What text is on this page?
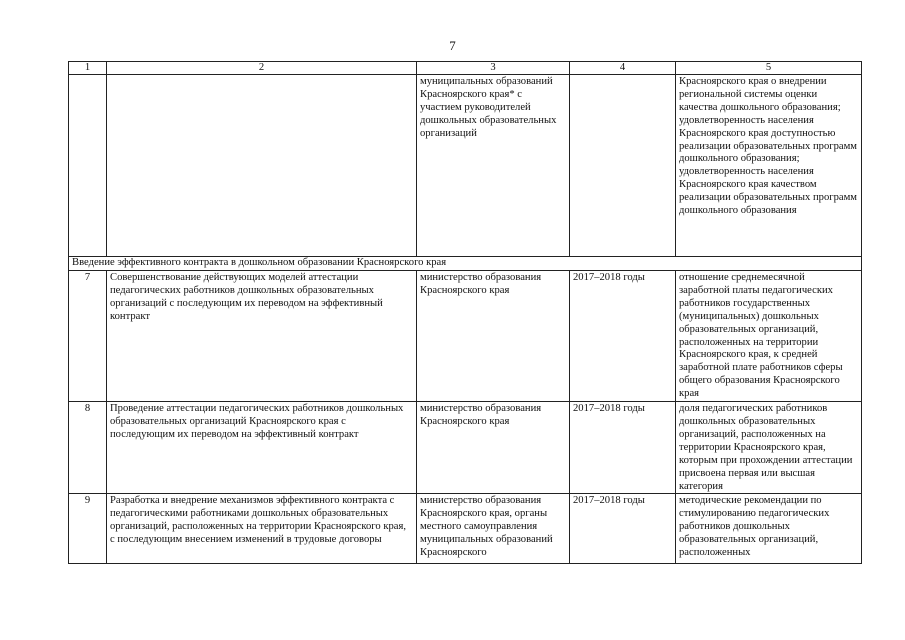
7
1	2	3	4	5
		муниципальных образований Красноярского края* с участием руководителей дошкольных образовательных организаций		Красноярского края о внедрении региональной системы оценки качества дошкольного образования; удовлетворенность населения Красноярского края доступностью реализации образовательных программ дошкольного образования; удовлетворенность населения Красноярского края качеством реализации образовательных программ дошкольного образования
Введение эффективного контракта в дошкольном образовании Красноярского края				
7	Совершенствование действующих моделей аттестации педагогических работников дошкольных образовательных организаций с последующим их переводом на эффективный контракт	министерство образования Красноярского края	2017–2018 годы	отношение среднемесячной заработной платы педагогических работников государственных (муниципальных) дошкольных образовательных организаций, расположенных на территории Красноярского края, к средней заработной плате работников сферы общего образования Красноярского края
8	Проведение аттестации педагогических работников дошкольных образовательных организаций Красноярского края с последующим их переводом на эффективный контракт	министерство образования Красноярского края	2017–2018 годы	доля педагогических работников дошкольных образовательных организаций, расположенных на территории Красноярского края, которым при прохождении аттестации присвоена первая или высшая категория
9	Разработка и внедрение механизмов эффективного контракта с педагогическими работниками дошкольных образовательных организаций, расположенных на территории Красноярского края, с последующим внесением изменений в трудовые договоры	министерство образования Красноярского края, органы местного самоуправления муниципальных образований Красноярского	2017–2018 годы	методические рекомендации по стимулированию педагогических работников дошкольных образовательных организаций, расположенных
